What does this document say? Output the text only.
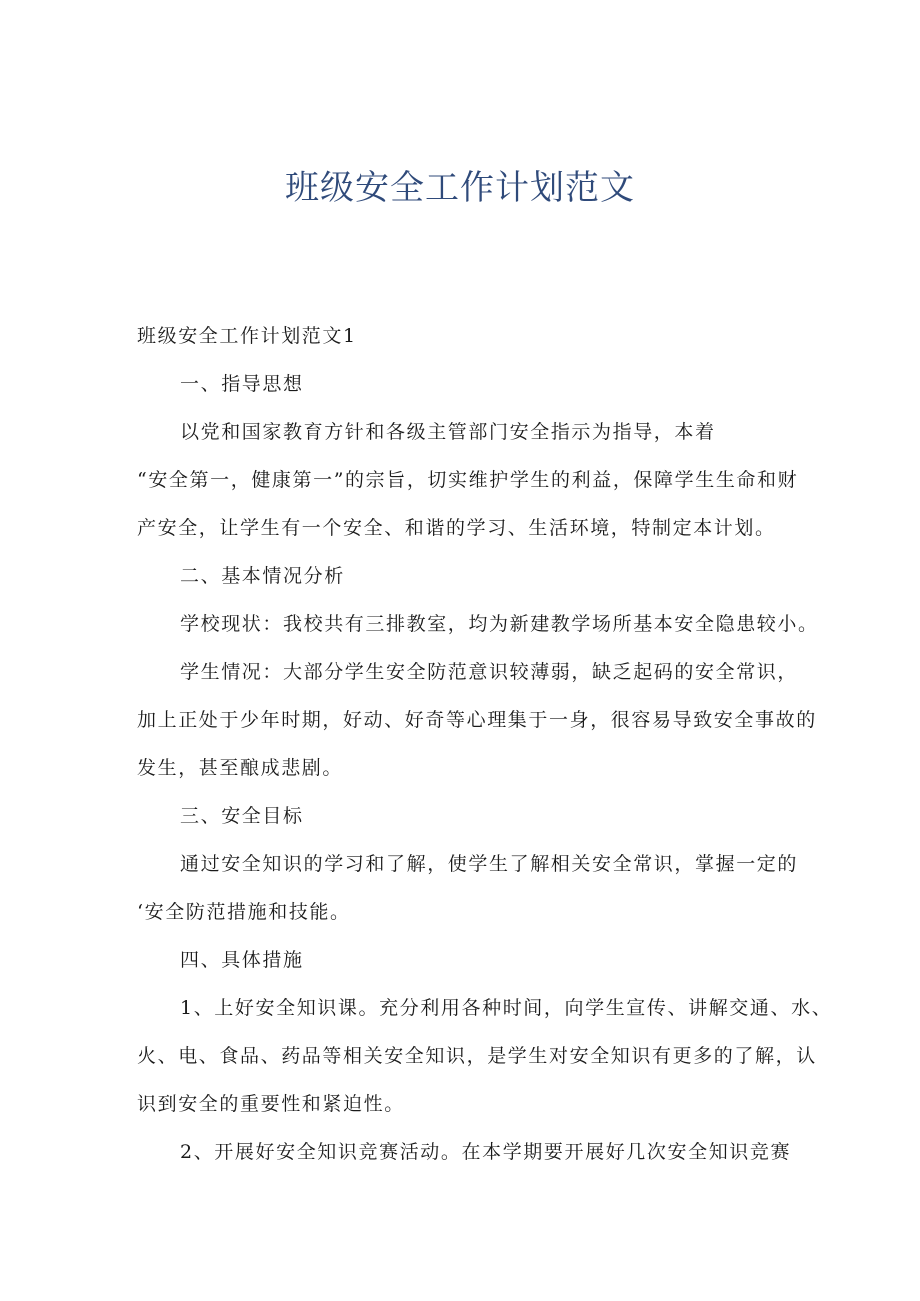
班级安全工作计划范文
班级安全工作计划范文1
一、指导思想
以党和国家教育方针和各级主管部门安全指示为指导，本着
“安全第一，健康第一”的宗旨，切实维护学生的利益，保障学生生命和财
产安全，让学生有一个安全、和谐的学习、生活环境，特制定本计划。
二、基本情况分析
学校现状：我校共有三排教室，均为新建教学场所基本安全隐患较小。
学生情况：大部分学生安全防范意识较薄弱，缺乏起码的安全常识，
加上正处于少年时期，好动、好奇等心理集于一身，很容易导致安全事故的
发生，甚至酿成悲剧。
三、安全目标
通过安全知识的学习和了解，使学生了解相关安全常识，掌握一定的
‘安全防范措施和技能。
四、具体措施
1、上好安全知识课。充分利用各种时间，向学生宣传、讲解交通、水、
火、电、食品、药品等相关安全知识，是学生对安全知识有更多的了解，认
识到安全的重要性和紧迫性。
2、开展好安全知识竞赛活动。在本学期要开展好几次安全知识竞赛
